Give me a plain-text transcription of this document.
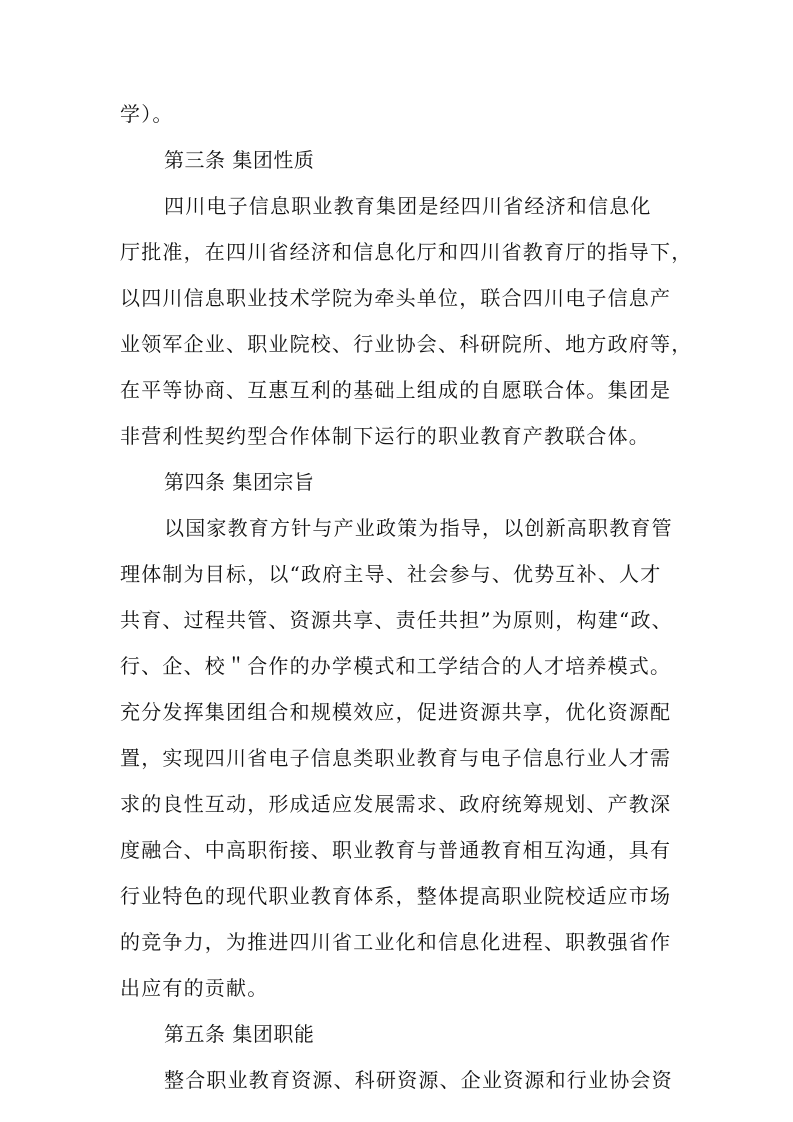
学）。
第三条 集团性质
四川电子信息职业教育集团是经四川省经济和信息化
厅批准，在四川省经济和信息化厅和四川省教育厅的指导下，
以四川信息职业技术学院为牵头单位，联合四川电子信息产
业领军企业、职业院校、行业协会、科研院所、地方政府等，
在平等协商、互惠互利的基础上组成的自愿联合体。集团是
非营利性契约型合作体制下运行的职业教育产教联合体。
第四条 集团宗旨
以国家教育方针与产业政策为指导，以创新高职教育管
理体制为目标，以“政府主导、社会参与、优势互补、人才
共育、过程共管、资源共享、责任共担”为原则，构建“政、
行、企、校＂合作的办学模式和工学结合的人才培养模式。
充分发挥集团组合和规模效应，促进资源共享，优化资源配
置，实现四川省电子信息类职业教育与电子信息行业人才需
求的良性互动，形成适应发展需求、政府统筹规划、产教深
度融合、中高职衔接、职业教育与普通教育相互沟通，具有
行业特色的现代职业教育体系，整体提高职业院校适应市场
的竞争力，为推进四川省工业化和信息化进程、职教强省作
出应有的贡献。
第五条 集团职能
整合职业教育资源、科研资源、企业资源和行业协会资
